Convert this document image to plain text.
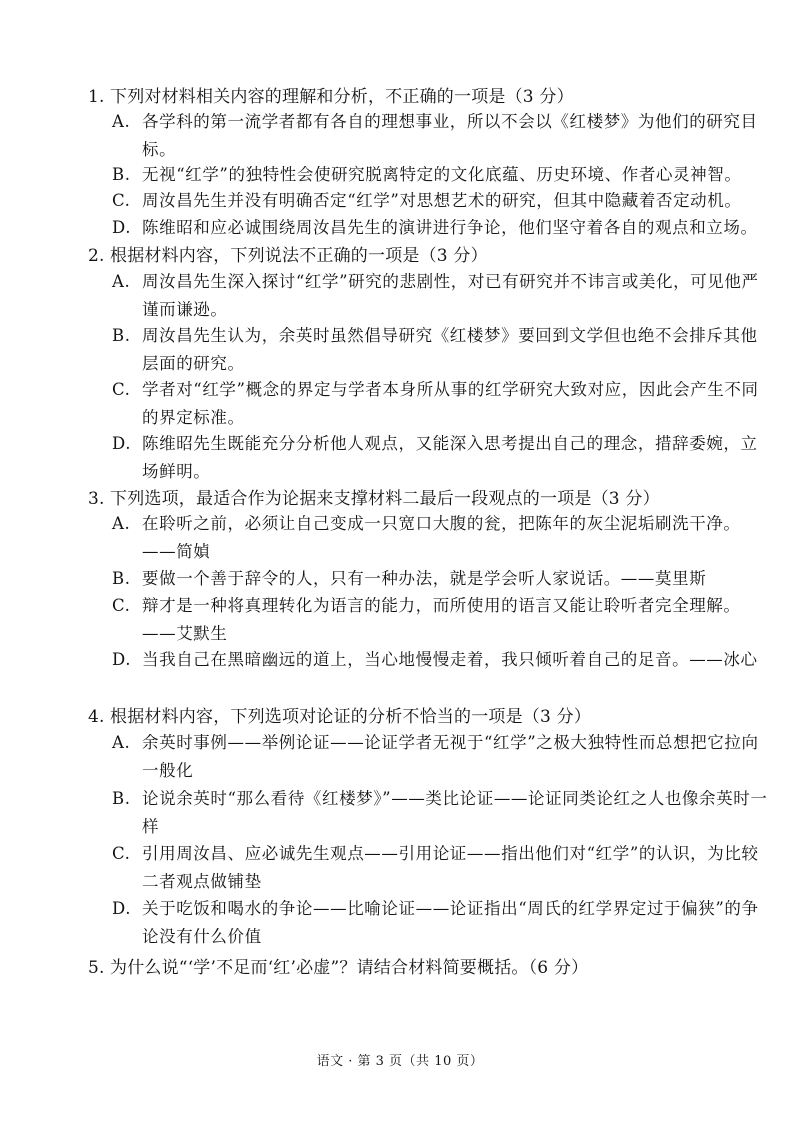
1. 下列对材料相关内容的理解和分析，不正确的一项是（3 分）
A. 各学科的第一流学者都有各自的理想事业，所以不会以《红楼梦》为他们的研究目标。
B. 无视“红学”的独特性会使研究脱离特定的文化底蕴、历史环境、作者心灵神智。
C. 周汝昌先生并没有明确否定“红学”对思想艺术的研究，但其中隐藏着否定动机。
D. 陈维昭和应必诚围绕周汝昌先生的演讲进行争论，他们坚守着各自的观点和立场。
2. 根据材料内容，下列说法不正确的一项是（3 分）
A. 周汝昌先生深入探讨“红学”研究的悲剧性，对已有研究并不讳言或美化，可见他严谨而谦逊。
B. 周汝昌先生认为，余英时虽然倡导研究《红楼梦》要回到文学但也绝不会排斥其他层面的研究。
C. 学者对“红学”概念的界定与学者本身所从事的红学研究大致对应，因此会产生不同的界定标准。
D. 陈维昭先生既能充分分析他人观点，又能深入思考提出自己的理念，措辞委婉，立场鲜明。
3. 下列选项，最适合作为论据来支撑材料二最后一段观点的一项是（3 分）
A. 在聆听之前，必须让自己变成一只宽口大腹的瓮，把陈年的灰尘泥垢刷洗干净。——简媜
B. 要做一个善于辞令的人，只有一种办法，就是学会听人家说话。——莫里斯
C. 辩才是一种将真理转化为语言的能力，而所使用的语言又能让聆听者完全理解。——艾默生
D. 当我自己在黑暗幽远的道上，当心地慢慢走着，我只倾听着自己的足音。——冰心
4. 根据材料内容，下列选项对论证的分析不恰当的一项是（3 分）
A. 余英时事例——举例论证——论证学者无视于“红学”之极大独特性而总想把它拉向一般化
B. 论说余英时“那么看待《红楼梦》”——类比论证——论证同类论红之人也像余英时一样
C. 引用周汝昌、应必诚先生观点——引用论证——指出他们对“红学”的认识，为比较二者观点做铺垫
D. 关于吃饭和喝水的争论——比喻论证——论证指出“周氏的红学界定过于偏狭”的争论没有什么价值
5. 为什么说“‘学’不足而‘红’必虚”？请结合材料简要概括。（6 分）
语文 · 第 3 页（共 10 页）
